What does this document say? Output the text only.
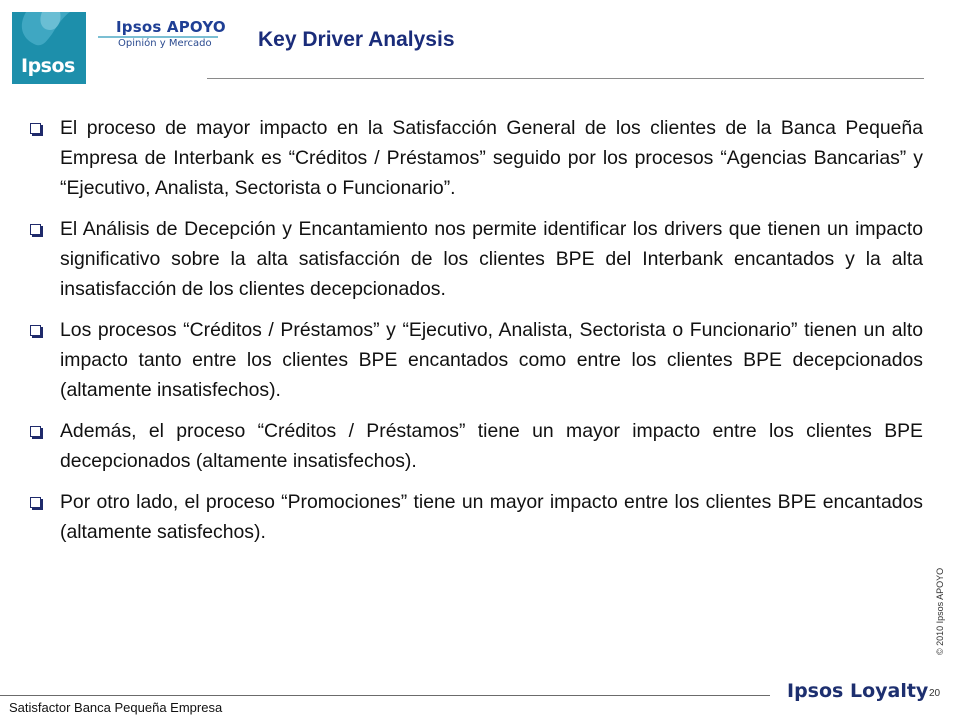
Ipsos
Ipsos APOYO
Opinión y Mercado Key Driver Analysis
El proceso de mayor impacto en la Satisfacción General de los clientes de la Banca Pequeña Empresa de Interbank es “Créditos / Préstamos” seguido por los procesos “Agencias Bancarias” y “Ejecutivo, Analista, Sectorista o Funcionario”.
El Análisis de Decepción y Encantamiento nos permite identificar los drivers que tienen un impacto significativo sobre la alta satisfacción de los clientes BPE del Interbank encantados y la alta insatisfacción de los clientes decepcionados.
Los procesos “Créditos / Préstamos” y “Ejecutivo, Analista, Sectorista o Funcionario” tienen un alto impacto tanto entre los clientes BPE encantados como entre los clientes BPE decepcionados (altamente insatisfechos).
Además, el proceso “Créditos / Préstamos” tiene un mayor impacto entre los clientes BPE decepcionados (altamente insatisfechos).
Por otro lado, el proceso “Promociones” tiene un mayor impacto entre los clientes BPE encantados (altamente satisfechos).
© 2010 Ipsos APOYO
20
Satisfactor Banca Pequeña Empresa
Ipsos Loyalty
